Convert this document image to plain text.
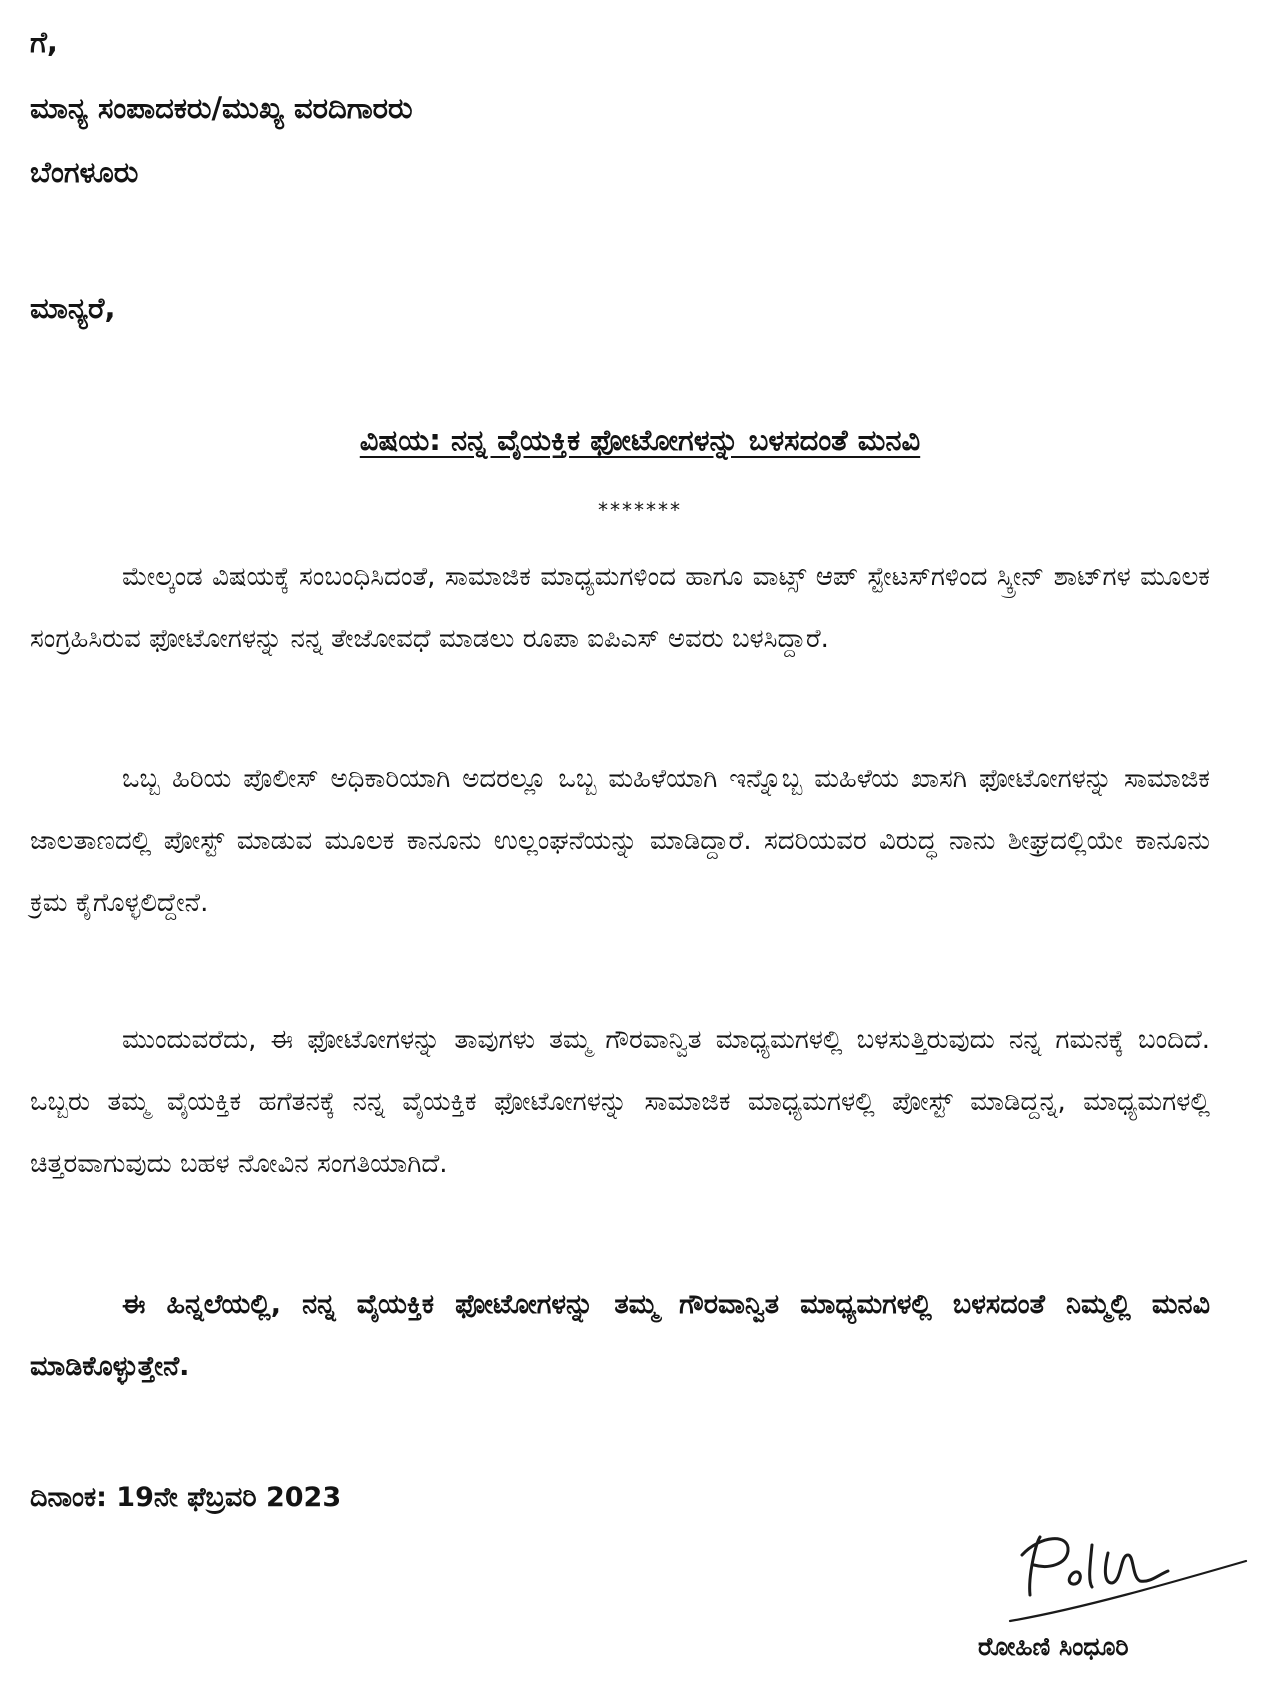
ಗೆ,
ಮಾನ್ಯ ಸಂಪಾದಕರು/ಮುಖ್ಯ ವರದಿಗಾರರು
ಬೆಂಗಳೂರು
ಮಾನ್ಯರೆ,
ವಿಷಯ: ನನ್ನ ವೈಯಕ್ತಿಕ ಫೋಟೋಗಳನ್ನು ಬಳಸದಂತೆ ಮನವಿ
*******

ಮೇಲ್ಕಂಡ ವಿಷಯಕ್ಕೆ ಸಂಬಂಧಿಸಿದಂತೆ, ಸಾಮಾಜಿಕ ಮಾಧ್ಯಮಗಳಿಂದ ಹಾಗೂ ವಾಟ್ಸ್ ಆಪ್ ಸ್ಟೇಟಸ್‌ಗಳಿಂದ ಸ್ಕ್ರೀನ್ ಶಾಟ್‌ಗಳ ಮೂಲಕ ಸಂಗ್ರಹಿಸಿರುವ ಫೋಟೋಗಳನ್ನು ನನ್ನ ತೇಜೋವಧೆ ಮಾಡಲು ರೂಪಾ ಐಪಿಎಸ್ ಅವರು ಬಳಸಿದ್ದಾರೆ.

ಒಬ್ಬ ಹಿರಿಯ ಪೊಲೀಸ್ ಅಧಿಕಾರಿಯಾಗಿ ಅದರಲ್ಲೂ ಒಬ್ಬ ಮಹಿಳೆಯಾಗಿ ಇನ್ನೊಬ್ಬ ಮಹಿಳೆಯ ಖಾಸಗಿ ಫೋಟೋಗಳನ್ನು ಸಾಮಾಜಿಕ ಜಾಲತಾಣದಲ್ಲಿ ಪೋಸ್ಟ್ ಮಾಡುವ ಮೂಲಕ ಕಾನೂನು ಉಲ್ಲಂಘನೆಯನ್ನು ಮಾಡಿದ್ದಾರೆ. ಸದರಿಯವರ ವಿರುದ್ಧ ನಾನು ಶೀಘ್ರದಲ್ಲಿಯೇ ಕಾನೂನು ಕ್ರಮ ಕೈಗೊಳ್ಳಲಿದ್ದೇನೆ.

ಮುಂದುವರೆದು, ಈ ಫೋಟೋಗಳನ್ನು ತಾವುಗಳು ತಮ್ಮ ಗೌರವಾನ್ವಿತ ಮಾಧ್ಯಮಗಳಲ್ಲಿ ಬಳಸುತ್ತಿರುವುದು ನನ್ನ ಗಮನಕ್ಕೆ ಬಂದಿದೆ. ಒಬ್ಬರು ತಮ್ಮ ವೈಯಕ್ತಿಕ ಹಗೆತನಕ್ಕೆ ನನ್ನ ವೈಯಕ್ತಿಕ ಫೋಟೋಗಳನ್ನು ಸಾಮಾಜಿಕ ಮಾಧ್ಯಮಗಳಲ್ಲಿ ಪೋಸ್ಟ್ ಮಾಡಿದ್ದನ್ನ, ಮಾಧ್ಯಮಗಳಲ್ಲಿ ಚಿತ್ತರವಾಗುವುದು ಬಹಳ ನೋವಿನ ಸಂಗತಿಯಾಗಿದೆ.

ಈ ಹಿನ್ನಲೆಯಲ್ಲಿ, ನನ್ನ ವೈಯಕ್ತಿಕ ಫೋಟೋಗಳನ್ನು ತಮ್ಮ ಗೌರವಾನ್ವಿತ ಮಾಧ್ಯಮಗಳಲ್ಲಿ ಬಳಸದಂತೆ ನಿಮ್ಮಲ್ಲಿ ಮನವಿ ಮಾಡಿಕೊಳ್ಳುತ್ತೇನೆ.

ದಿನಾಂಕ: 19ನೇ ಫೆಬ್ರವರಿ 2023
ರೋಹಿಣಿ ಸಿಂಧೂರಿ
